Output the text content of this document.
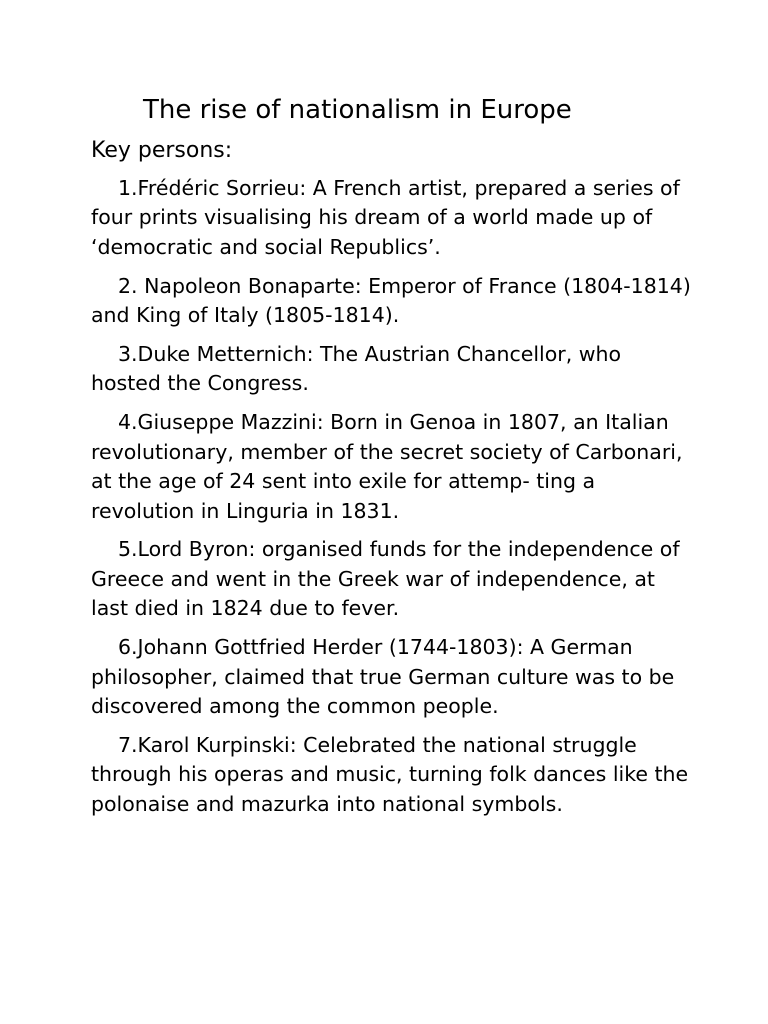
The rise of nationalism in Europe
Key persons:

1.Frédéric Sorrieu: A French artist, prepared a series of four prints visualising his dream of a world made up of ‘democratic and social Republics’.

2. Napoleon Bonaparte: Emperor of France (1804-1814) and King of Italy (1805-1814).

3.Duke Metternich: The Austrian Chancellor, who hosted the Congress.

4.Giuseppe Mazzini: Born in Genoa in 1807, an Italian revolutionary, member of the secret society of Carbonari, at the age of 24 sent into exile for attemp- ting a revolution in Linguria in 1831.

5.Lord Byron: organised funds for the independence of Greece and went in the Greek war of independence, at last died in 1824 due to fever.

6.Johann Gottfried Herder (1744-1803): A German philosopher, claimed that true German culture was to be discovered among the common people.

7.Karol Kurpinski: Celebrated the national struggle through his operas and music, turning folk dances like the polonaise and mazurka into national symbols.
